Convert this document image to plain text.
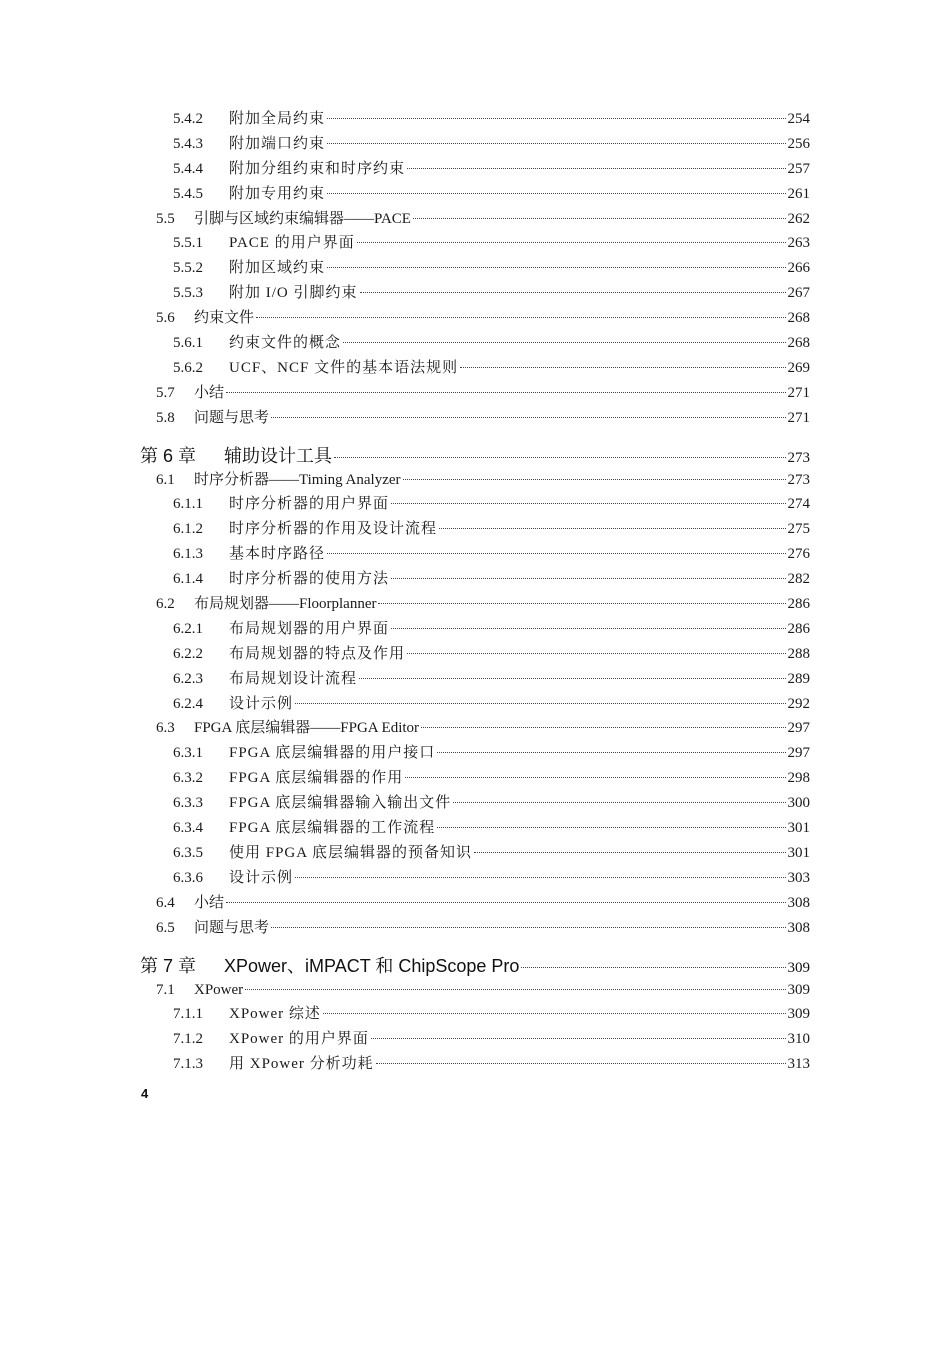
5.4.2	附加全局约束	254
5.4.3	附加端口约束	256
5.4.4	附加分组约束和时序约束	257
5.4.5	附加专用约束	261
5.5	引脚与区域约束编辑器——PACE	262
5.5.1	PACE 的用户界面	263
5.5.2	附加区域约束	266
5.5.3	附加 I/O 引脚约束	267
5.6	约束文件	268
5.6.1	约束文件的概念	268
5.6.2	UCF、NCF 文件的基本语法规则	269
5.7	小结	271
5.8	问题与思考	271
第 6 章	辅助设计工具	273
6.1	时序分析器——Timing Analyzer	273
6.1.1	时序分析器的用户界面	274
6.1.2	时序分析器的作用及设计流程	275
6.1.3	基本时序路径	276
6.1.4	时序分析器的使用方法	282
6.2	布局规划器——Floorplanner	286
6.2.1	布局规划器的用户界面	286
6.2.2	布局规划器的特点及作用	288
6.2.3	布局规划设计流程	289
6.2.4	设计示例	292
6.3	FPGA 底层编辑器——FPGA Editor	297
6.3.1	FPGA 底层编辑器的用户接口	297
6.3.2	FPGA 底层编辑器的作用	298
6.3.3	FPGA 底层编辑器输入输出文件	300
6.3.4	FPGA 底层编辑器的工作流程	301
6.3.5	使用 FPGA 底层编辑器的预备知识	301
6.3.6	设计示例	303
6.4	小结	308
6.5	问题与思考	308
第 7 章	XPower、iMPACT 和 ChipScope Pro	309
7.1	XPower	309
7.1.1	XPower 综述	309
7.1.2	XPower 的用户界面	310
7.1.3	用 XPower 分析功耗	313
4
